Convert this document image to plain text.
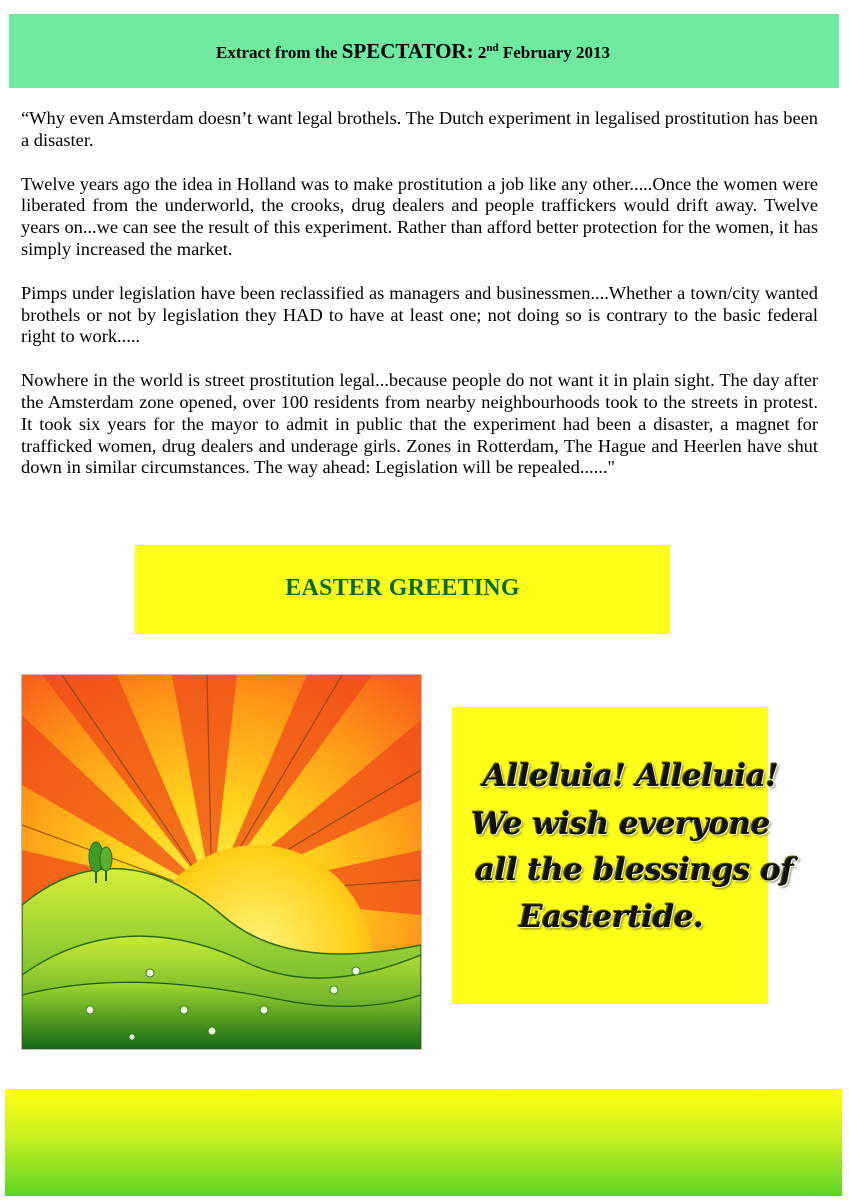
Extract from the SPECTATOR: 2nd February 2013

“Why even Amsterdam doesn’t want legal brothels. The Dutch experiment in legalised prostitution has been a disaster.

Twelve years ago the idea in Holland was to make prostitution a job like any other.....Once the women were liberated from the underworld, the crooks, drug dealers and people traffickers would drift away. Twelve years on...we can see the result of this experiment. Rather than afford better protection for the women, it has simply increased the market.

Pimps under legislation have been reclassified as managers and businessmen....Whether a town/city wanted brothels or not by legislation they HAD to have at least one; not doing so is contrary to the basic federal right to work.....

Nowhere in the world is street prostitution legal...because people do not want it in plain sight. The day after the Amsterdam zone opened, over 100 residents from nearby neighbourhoods took to the streets in protest. It took six years for the mayor to admit in public that the experiment had been a disaster, a magnet for trafficked women, drug dealers and underage girls. Zones in Rotterdam, The Hague and Heerlen have shut down in similar circumstances. The way ahead: Legislation will be repealed......"

EASTER GREETING
Alleluia! Alleluia!
We wish everyone
all the blessings of
Eastertide.
